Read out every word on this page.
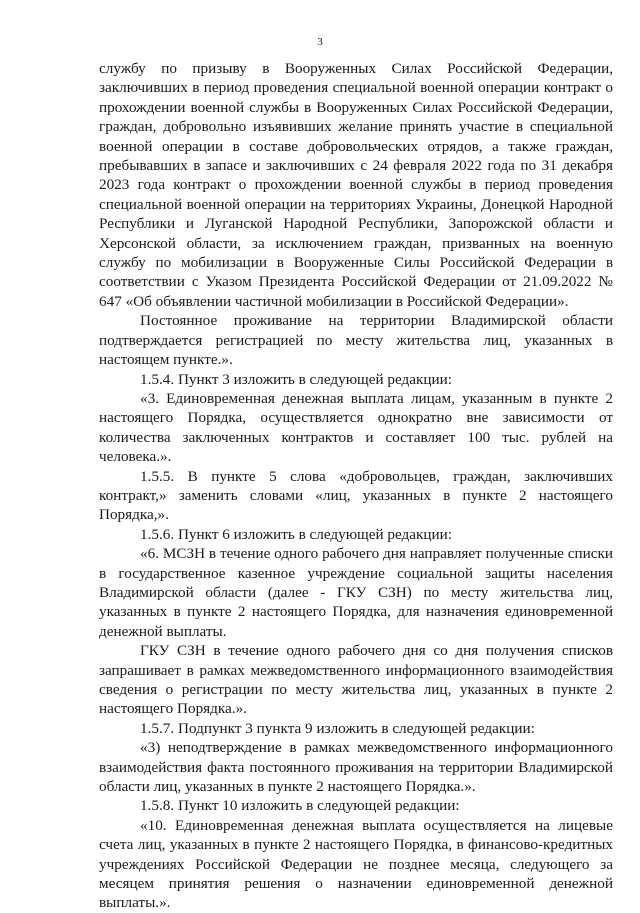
3

службу по призыву в Вооруженных Силах Российской Федерации, заключивших в период проведения специальной военной операции контракт о прохождении военной службы в Вооруженных Силах Российской Федерации, граждан, добровольно изъявивших желание принять участие в специальной военной операции в составе добровольческих отрядов, а также граждан, пребывавших в запасе и заключивших с 24 февраля 2022 года по 31 декабря 2023 года контракт о прохождении военной службы в период проведения специальной военной операции на территориях Украины, Донецкой Народной Республики и Луганской Народной Республики, Запорожской области и Херсонской области, за исключением граждан, призванных на военную службу по мобилизации в Вооруженные Силы Российской Федерации в соответствии с Указом Президента Российской Федерации от 21.09.2022 № 647 «Об объявлении частичной мобилизации в Российской Федерации».

Постоянное проживание на территории Владимирской области подтверждается регистрацией по месту жительства лиц, указанных в настоящем пункте.».

1.5.4. Пункт 3 изложить в следующей редакции:

«3. Единовременная денежная выплата лицам, указанным в пункте 2 настоящего Порядка, осуществляется однократно вне зависимости от количества заключенных контрактов и составляет 100 тыс. рублей на человека.».

1.5.5. В пункте 5 слова «добровольцев, граждан, заключивших контракт,» заменить словами «лиц, указанных в пункте 2 настоящего Порядка,».

1.5.6. Пункт 6 изложить в следующей редакции:

«6. МСЗН в течение одного рабочего дня направляет полученные списки в государственное казенное учреждение социальной защиты населения Владимирской области (далее - ГКУ СЗН) по месту жительства лиц, указанных в пункте 2 настоящего Порядка, для назначения единовременной денежной выплаты.

ГКУ СЗН в течение одного рабочего дня со дня получения списков запрашивает в рамках межведомственного информационного взаимодействия сведения о регистрации по месту жительства лиц, указанных в пункте 2 настоящего Порядка.».

1.5.7. Подпункт 3 пункта 9 изложить в следующей редакции:

«3) неподтверждение в рамках межведомственного информационного взаимодействия факта постоянного проживания на территории Владимирской области лиц, указанных в пункте 2 настоящего Порядка.».

1.5.8. Пункт 10 изложить в следующей редакции:

«10. Единовременная денежная выплата осуществляется на лицевые счета лиц, указанных в пункте 2 настоящего Порядка, в финансово-кредитных учреждениях Российской Федерации не позднее месяца, следующего за месяцем принятия решения о назначении единовременной денежной выплаты.».
